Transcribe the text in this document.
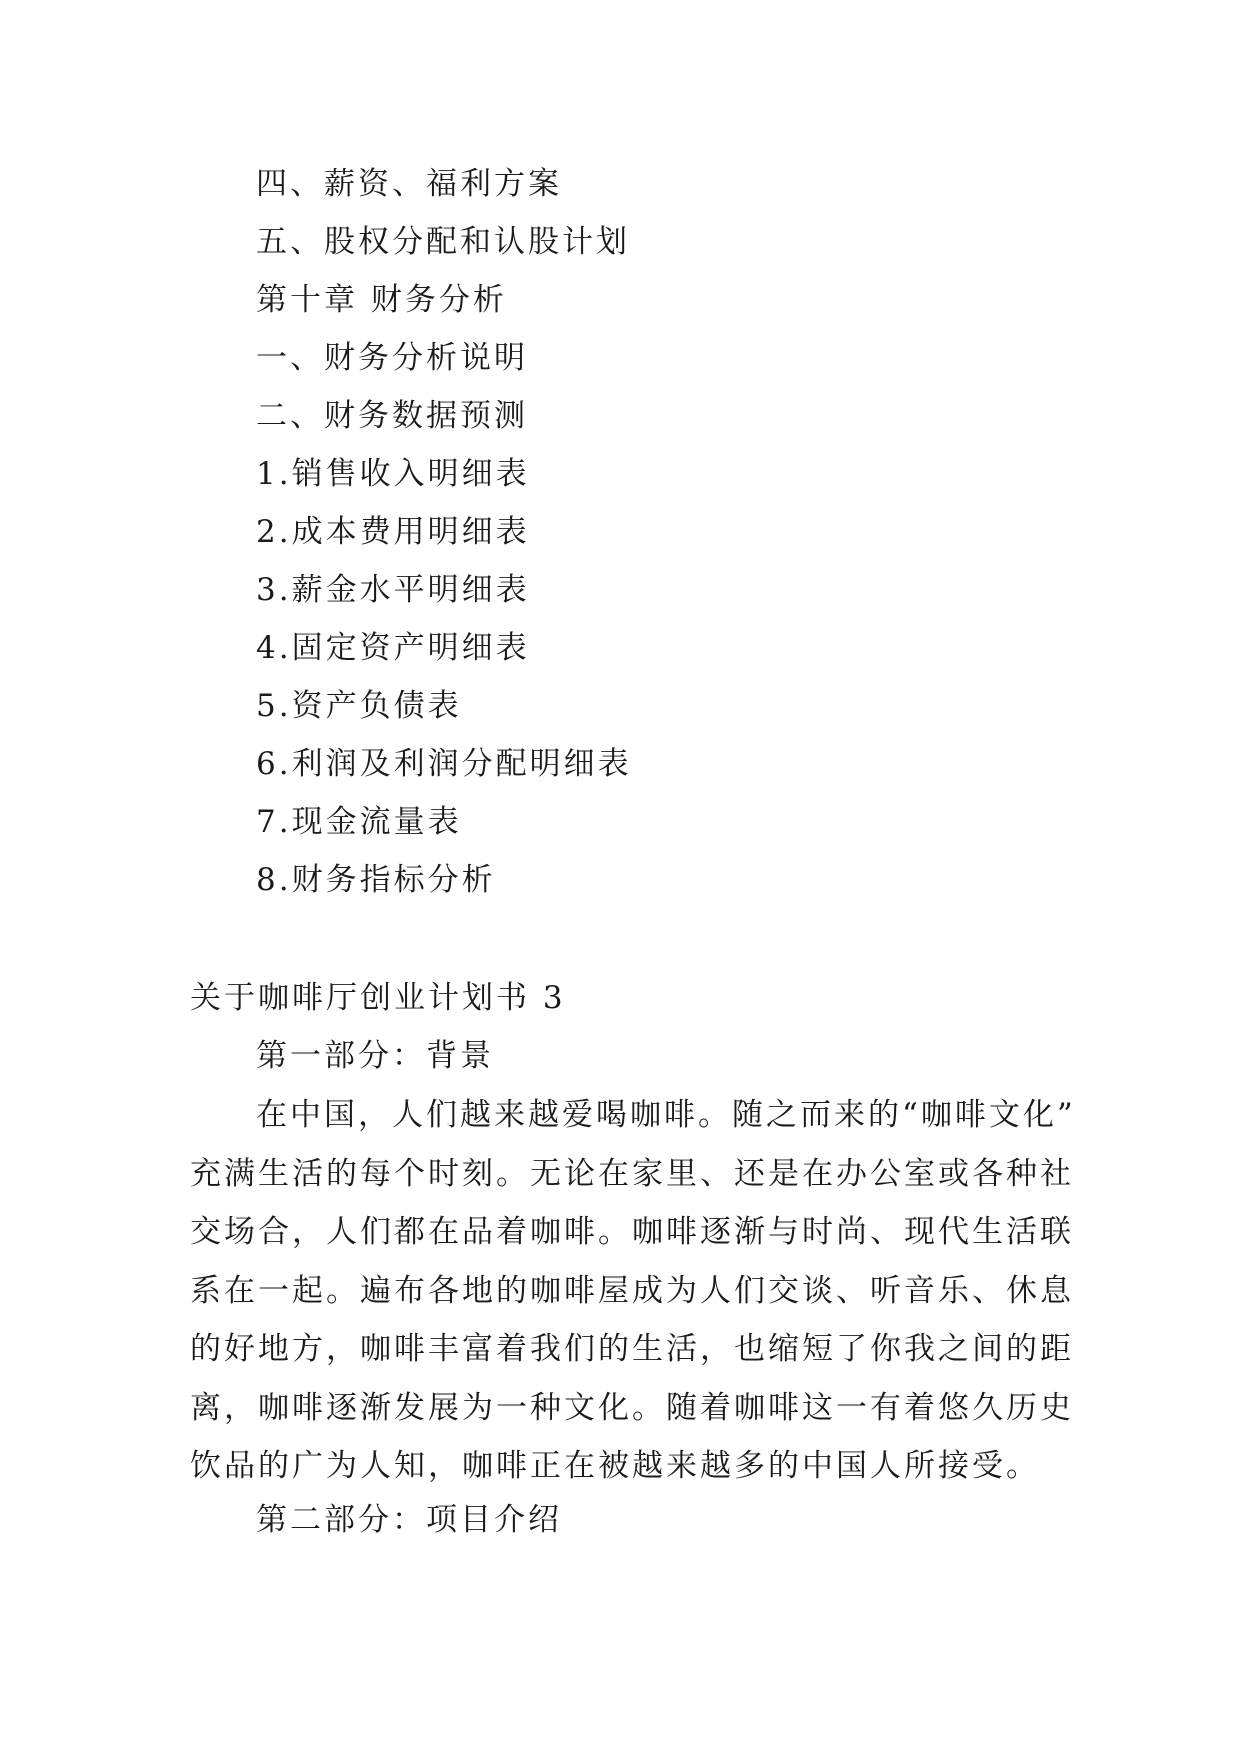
四、薪资、福利方案
五、股权分配和认股计划
第十章 财务分析
一、财务分析说明
二、财务数据预测
1.销售收入明细表
2.成本费用明细表
3.薪金水平明细表
4.固定资产明细表
5.资产负债表
6.利润及利润分配明细表
7.现金流量表
8.财务指标分析
关于咖啡厅创业计划书 3
第一部分：背景
在中国，人们越来越爱喝咖啡。随之而来的“咖啡文化”
充满生活的每个时刻。无论在家里、还是在办公室或各种社
交场合，人们都在品着咖啡。咖啡逐渐与时尚、现代生活联
系在一起。遍布各地的咖啡屋成为人们交谈、听音乐、休息
的好地方，咖啡丰富着我们的生活，也缩短了你我之间的距
离，咖啡逐渐发展为一种文化。随着咖啡这一有着悠久历史
饮品的广为人知，咖啡正在被越来越多的中国人所接受。
第二部分：项目介绍
